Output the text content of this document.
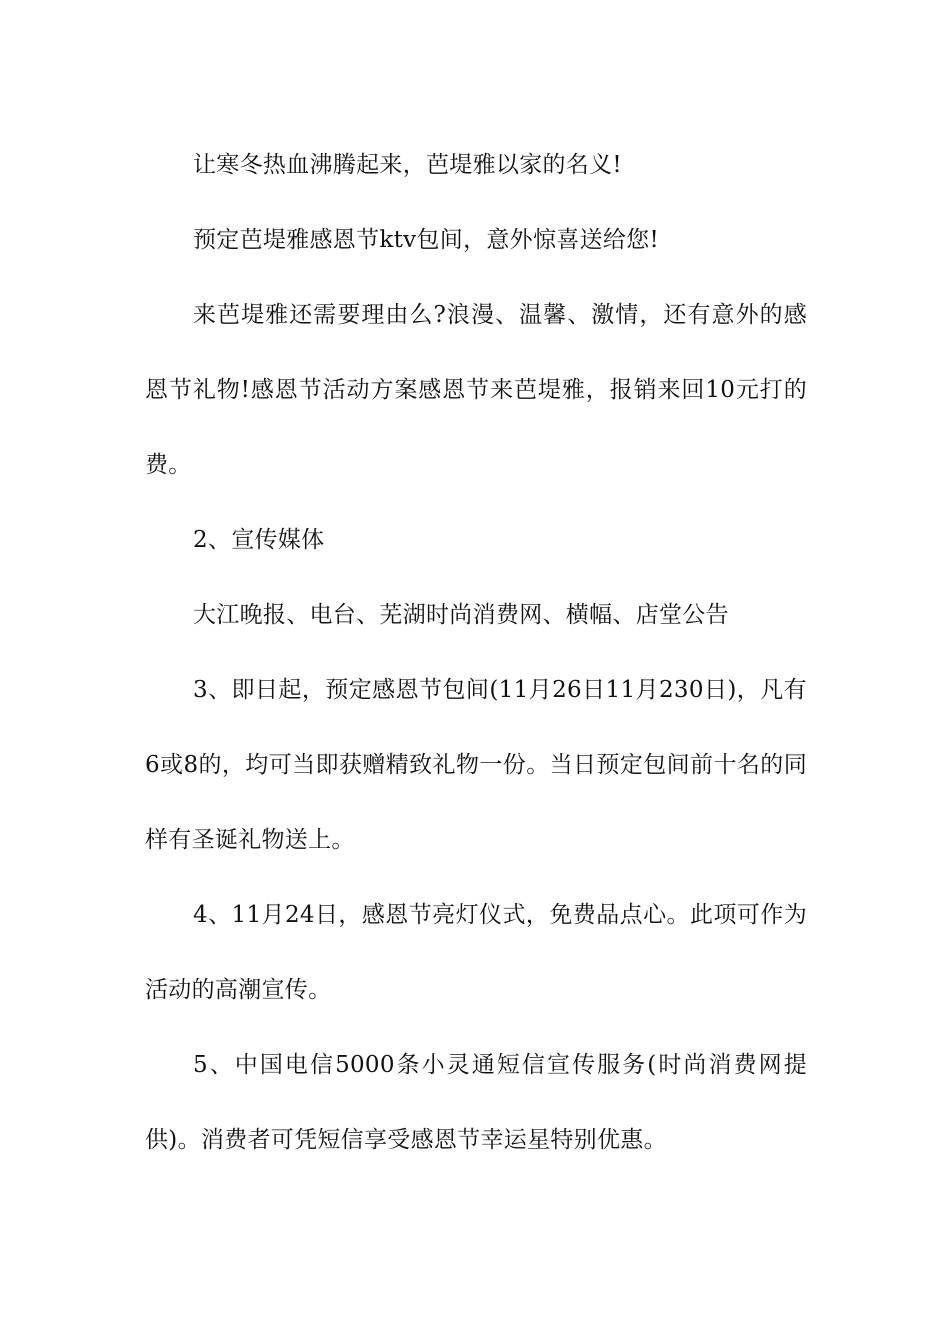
让寒冬热血沸腾起来，芭堤雅以家的名义!

预定芭堤雅感恩节ktv包间，意外惊喜送给您!

来芭堤雅还需要理由么?浪漫、温馨、激情，还有意外的感恩节礼物!感恩节活动方案感恩节来芭堤雅，报销来回10元打的费。

2、宣传媒体

大江晚报、电台、芜湖时尚消费网、横幅、店堂公告

3、即日起，预定感恩节包间(11月26日11月230日)，凡有6或8的，均可当即获赠精致礼物一份。当日预定包间前十名的同样有圣诞礼物送上。

4、11月24日，感恩节亮灯仪式，免费品点心。此项可作为活动的高潮宣传。

5、中国电信5000条小灵通短信宣传服务(时尚消费网提供)。消费者可凭短信享受感恩节幸运星特别优惠。
